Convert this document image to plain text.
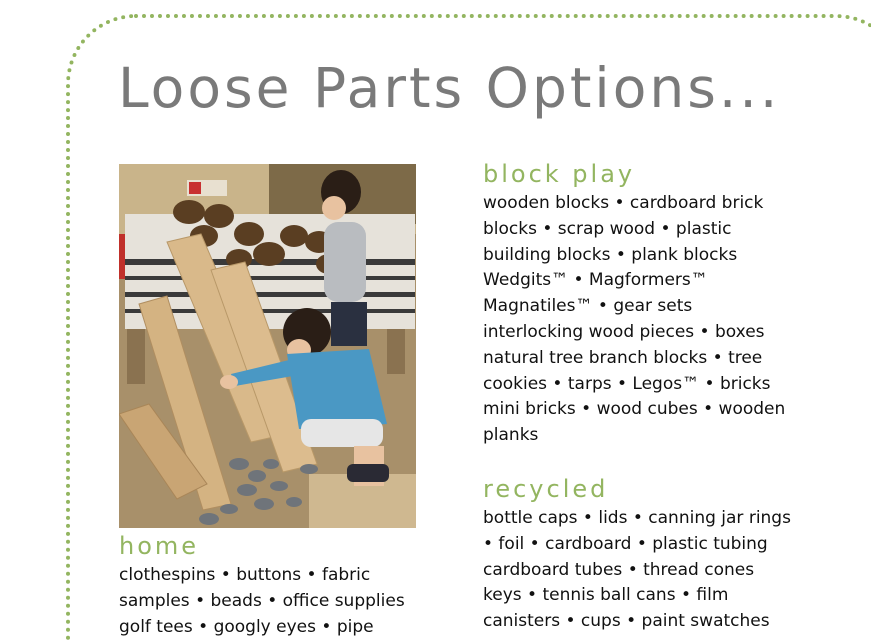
Loose Parts Options...
block play

wooden blocks • cardboard brick blocks • scrap wood • plastic building blocks • plank blocks Wedgits™ • Magformers™ Magnatiles™ • gear sets interlocking wood pieces • boxes natural tree branch blocks • tree cookies • tarps • Legos™ • bricks mini bricks • wood cubes • wooden planks

recycled

bottle caps • lids • canning jar rings • foil • cardboard • plastic tubing cardboard tubes • thread cones keys • tennis ball cans • film canisters • cups • paint swatches

home

clothespins • buttons • fabric samples • beads • office supplies golf tees • googly eyes • pipe
